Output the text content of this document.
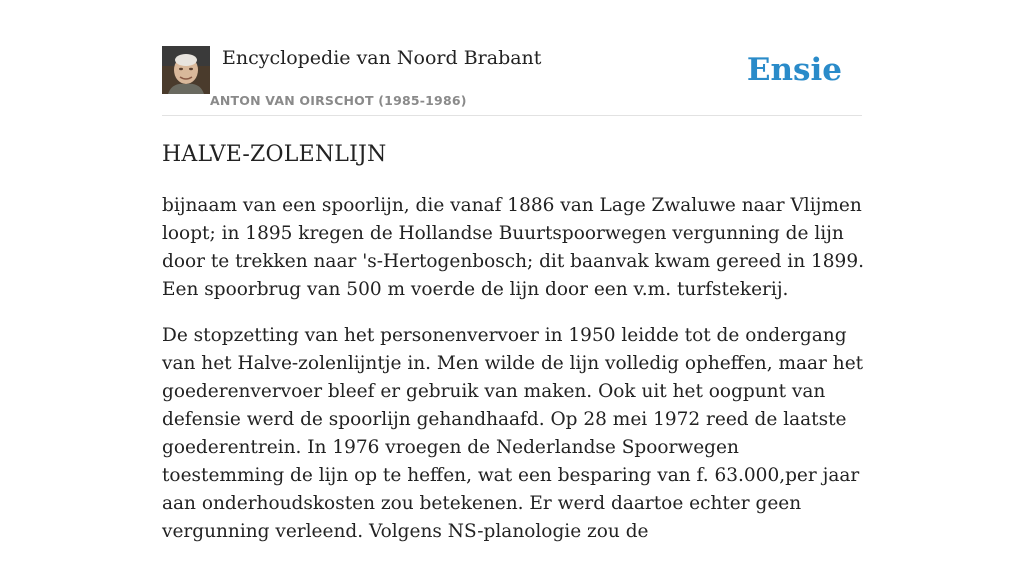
Encyclopedie van Noord Brabant
ANTON VAN OIRSCHOT (1985-1986)
Ensie
HALVE-ZOLENLIJN

bijnaam van een spoorlijn, die vanaf 1886 van Lage Zwaluwe naar Vlijmen loopt; in 1895 kregen de Hollandse Buurtspoorwegen vergunning de lijn door te trekken naar 's-Hertogenbosch; dit baanvak kwam gereed in 1899. Een spoorbrug van 500 m voerde de lijn door een v.m. turfstekerij.

De stopzetting van het personenvervoer in 1950 leidde tot de ondergang van het Halve-zolenlijntje in. Men wilde de lijn volledig opheffen, maar het goederenvervoer bleef er gebruik van maken. Ook uit het oogpunt van defensie werd de spoorlijn gehandhaafd. Op 28 mei 1972 reed de laatste goederentrein. In 1976 vroegen de Nederlandse Spoorwegen toestemming de lijn op te heffen, wat een besparing van f. 63.000,per jaar aan onderhoudskosten zou betekenen. Er werd daartoe echter geen vergunning verleend. Volgens NS-planologie zou de
